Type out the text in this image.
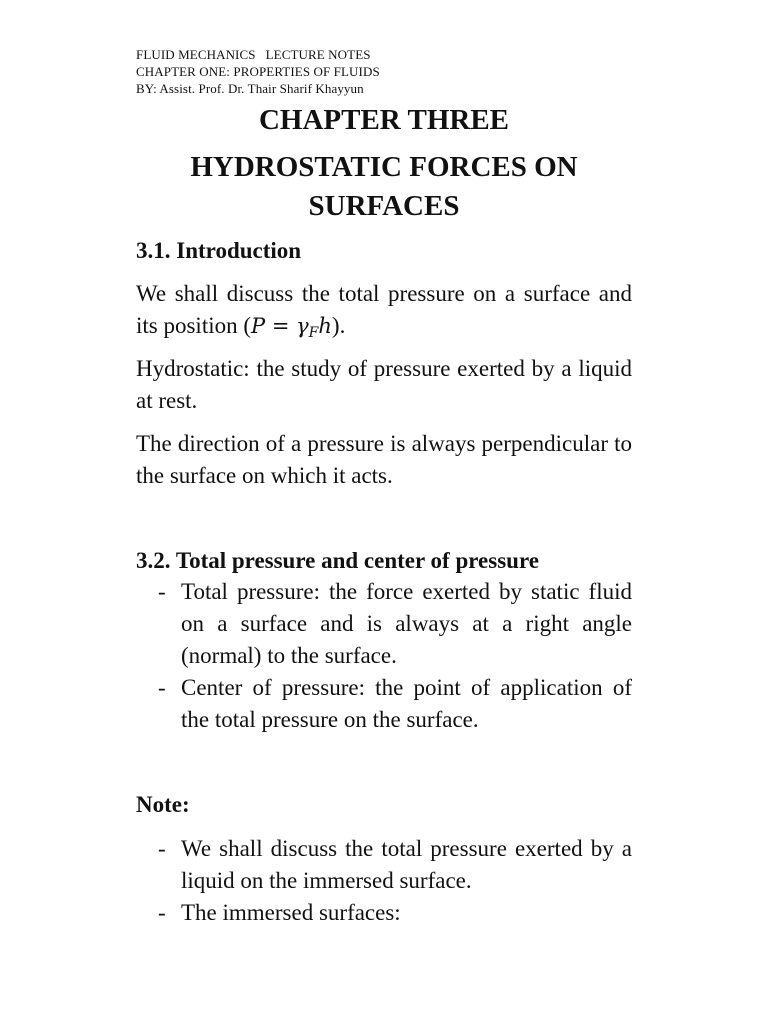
FLUID MECHANICS   LECTURE NOTES
CHAPTER ONE: PROPERTIES OF FLUIDS
BY: Assist. Prof. Dr. Thair Sharif Khayyun
CHAPTER THREE
HYDROSTATIC FORCES ON SURFACES
3.1. Introduction
We shall discuss the total pressure on a surface and its position $(P = \gamma_Fh)$.
Hydrostatic: the study of pressure exerted by a liquid at rest.
The direction of a pressure is always perpendicular to the surface on which it acts.
3.2. Total pressure and center of pressure
- Total pressure: the force exerted by static fluid on a surface and is always at a right angle (normal) to the surface.
- Center of pressure: the point of application of the total pressure on the surface.
Note:
- We shall discuss the total pressure exerted by a liquid on the immersed surface.
- The immersed surfaces:
